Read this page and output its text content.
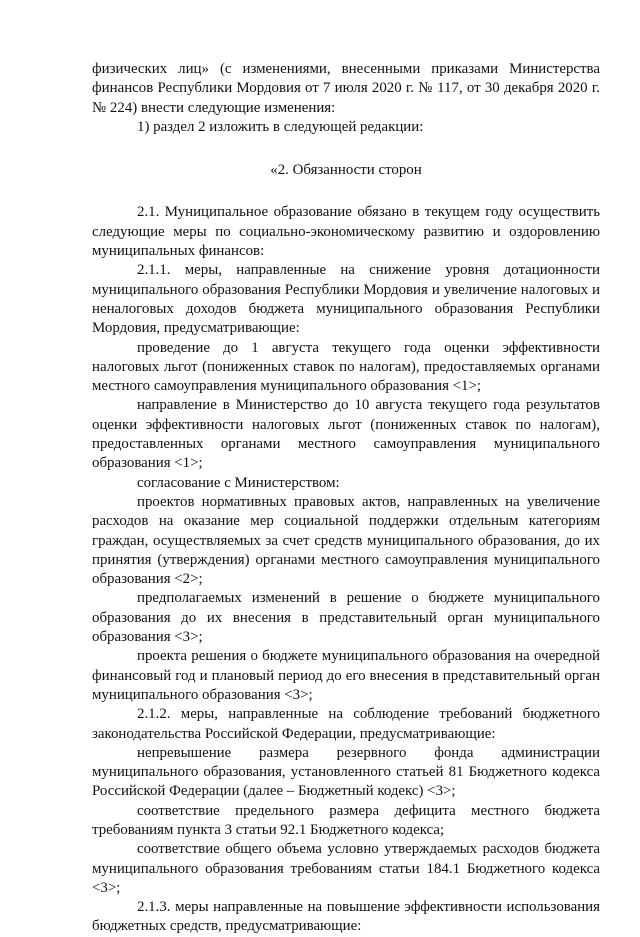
физических лиц» (с изменениями, внесенными приказами Министерства финансов Республики Мордовия от 7 июля 2020 г. № 117, от 30 декабря 2020 г. № 224) внести следующие изменения:

1) раздел 2 изложить в следующей редакции:

«2. Обязанности сторон

2.1. Муниципальное образование обязано в текущем году осуществить следующие меры по социально-экономическому развитию и оздоровлению муниципальных финансов:

2.1.1. меры, направленные на снижение уровня дотационности муниципального образования Республики Мордовия и увеличение налоговых и неналоговых доходов бюджета муниципального образования Республики Мордовия, предусматривающие:

проведение до 1 августа текущего года оценки эффективности налоговых льгот (пониженных ставок по налогам), предоставляемых органами местного самоуправления муниципального образования <1>;

направление в Министерство до 10 августа текущего года результатов оценки эффективности налоговых льгот (пониженных ставок по налогам), предоставленных органами местного самоуправления муниципального образования <1>;

согласование с Министерством:

проектов нормативных правовых актов, направленных на увеличение расходов на оказание мер социальной поддержки отдельным категориям граждан, осуществляемых за счет средств муниципального образования, до их принятия (утверждения) органами местного самоуправления муниципального образования <2>;

предполагаемых изменений в решение о бюджете муниципального образования до их внесения в представительный орган муниципального образования <3>;

проекта решения о бюджете муниципального образования на очередной финансовый год и плановый период до его внесения в представительный орган муниципального образования <3>;

2.1.2. меры, направленные на соблюдение требований бюджетного законодательства Российской Федерации, предусматривающие:

непревышение размера резервного фонда администрации муниципального образования, установленного статьей 81 Бюджетного кодекса Российской Федерации (далее – Бюджетный кодекс) <3>;

соответствие предельного размера дефицита местного бюджета требованиям пункта 3 статьи 92.1 Бюджетного кодекса;

соответствие общего объема условно утверждаемых расходов бюджета муниципального образования требованиям статьи 184.1 Бюджетного кодекса <3>;

2.1.3. меры направленные на повышение эффективности использования бюджетных средств, предусматривающие:
